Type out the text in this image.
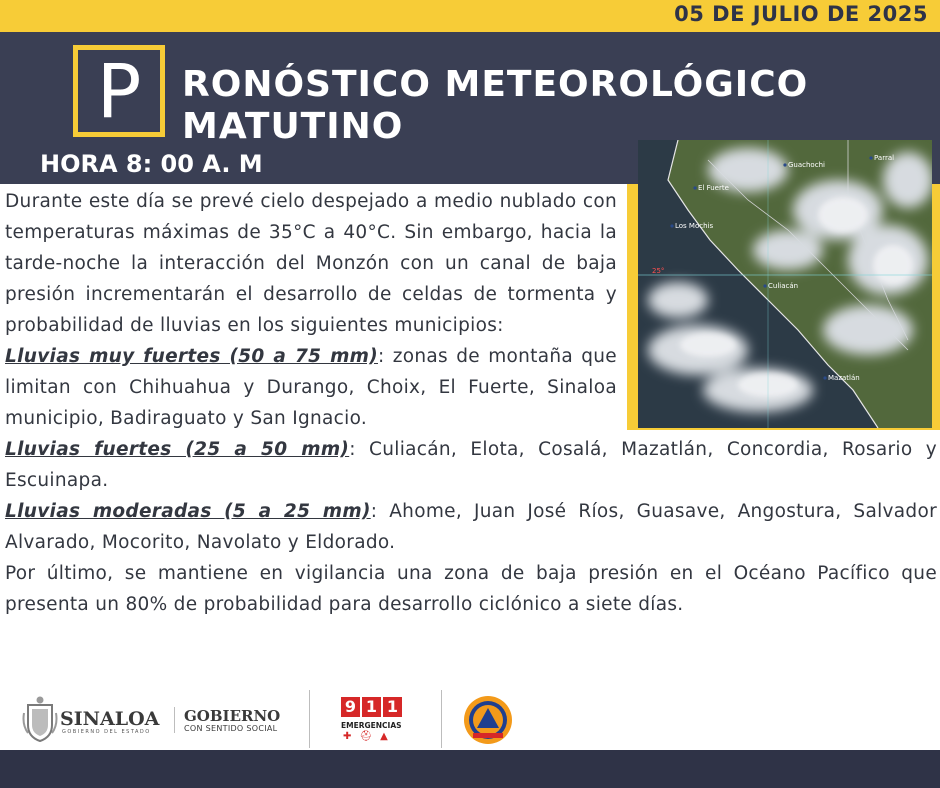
05 DE JULIO DE 2025
P	RONÓSTICO METEOROLÓGICO
MATUTINO
HORA 8: 00 A. M	Guachochi
Parral
El Fuerte
Los Mochis
Culiacán
Mazatlán
25°

Durante este día se prevé cielo despejado a medio nublado con temperaturas máximas de 35°C a 40°C. Sin embargo, hacia la tarde-noche la interacción del Monzón con un canal de baja presión incrementarán el desarrollo de celdas de tormenta y probabilidad de lluvias en los siguientes municipios:

Lluvias muy fuertes (50 a 75 mm): zonas de montaña que limitan con Chihuahua y Durango, Choix, El Fuerte, Sinaloa municipio, Badiraguato y San Ignacio.

Lluvias fuertes (25 a 50 mm): Culiacán, Elota, Cosalá, Mazatlán, Concordia, Rosario y Escuinapa.

Lluvias moderadas (5 a 25 mm): Ahome, Juan José Ríos, Guasave, Angostura, Salvador Alvarado, Mocorito, Navolato y Eldorado.

Por último, se mantiene en vigilancia una zona de baja presión en el Océano Pacífico que presenta un 80% de probabilidad para desarrollo ciclónico a siete días.

SINALOA
GOBIERNO DEL ESTADO
GOBIERNO
CON SENTIDO SOCIAL
9 1 1
EMERGENCIAS
✚⛑▲
